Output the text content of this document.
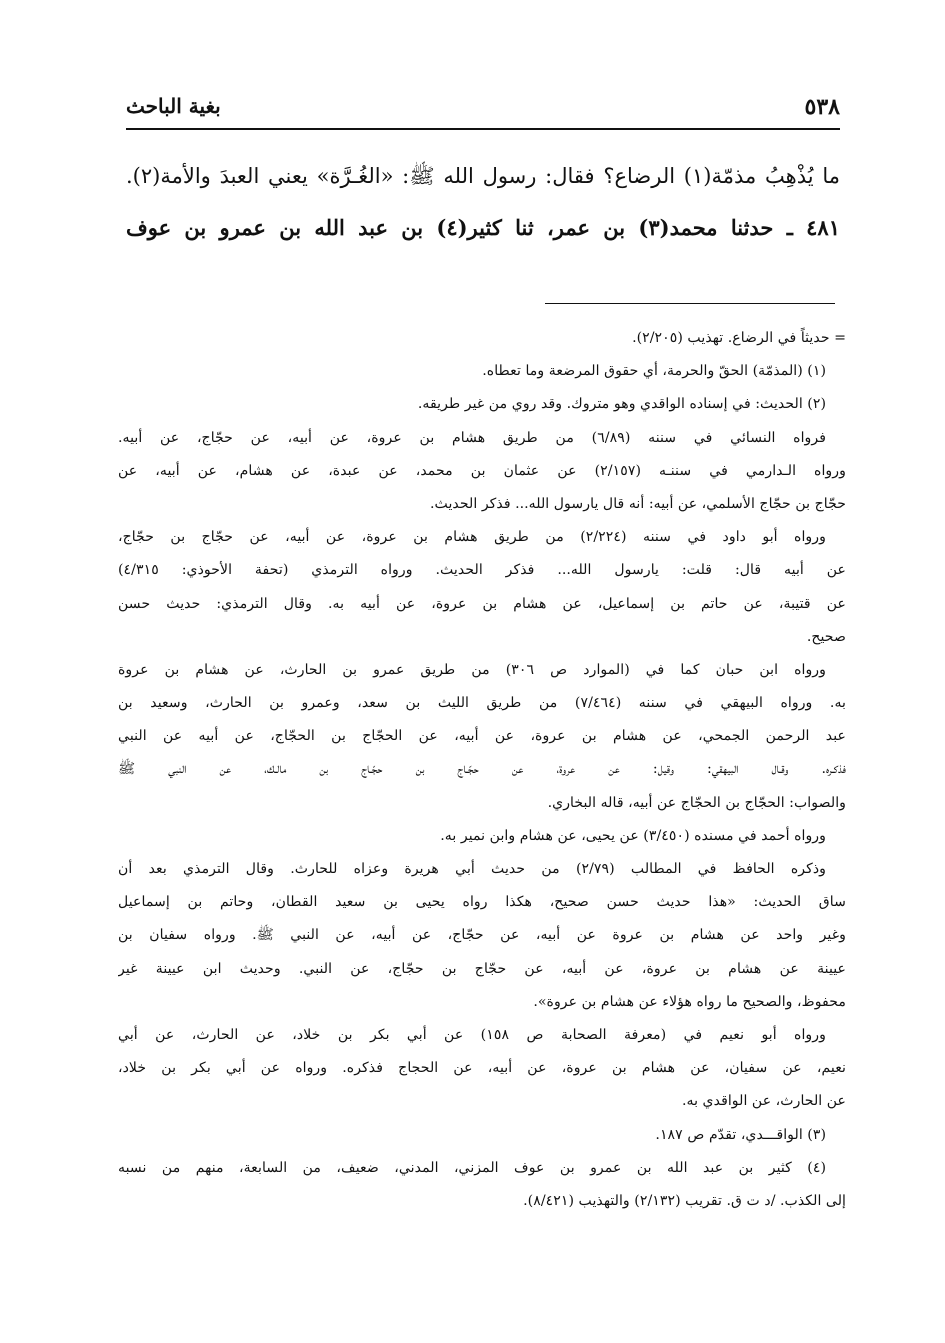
٥٣٨
بغية الباحث
ما يُذْهِبُ مذمّة(١) الرضاع؟ فقال: رسول الله ﷺ: «الغُـرَّة» يعني العبدَ والأمة(٢).
٤٨١ ـ حدثنا محمد(٣) بن عمر، ثنا كثير(٤) بن عبد الله بن عمرو بن عوف
= حديثاً في الرضاع. تهذيب (٢/٢٠٥).
(١) (المذمّة) الحقّ والحرمة، أي حقوق المرضعة وما تعطاه.
(٢) الحديث: في إسناده الواقدي وهو متروك. وقد روي من غير طريقه.
فرواه النسائي في سننه (٦/٨٩) من طريق هشام بن عروة، عن أبيه، عن حجّاج، عن أبيه.
ورواه الـدارمي في سننـه (٢/١٥٧) عن عثمان بن محمد، عن عبدة، عن هشام، عن أبيه، عن
حجّاج بن حجّاج الأسلمي، عن أبيه: أنه قال يارسول الله... فذكر الحديث.
ورواه أبو داود في سننه (٢/٢٢٤) من طريق هشام بن عروة، عن أبيه، عن حجّاج بن حجّاج،
عن أبيه قال: قلت: يارسول الله... فذكر الحديث. ورواه الترمذي (تحفة الأحوذي: ٤/٣١٥)
عن قتيبة، عن حاتم بن إسماعيل، عن هشام بن عروة، عن أبيه به. وقال الترمذي: حديث حسن
صحيح.
ورواه ابن حبان كما في (الموارد ص ٣٠٦) من طريق عمرو بن الحارث، عن هشام بن عروة
به. ورواه البيهقي في سننه (٧/٤٦٤) من طريق الليث بن سعد، وعمرو بن الحارث، وسعيد بن
عبد الرحمن الجمحي، عن هشام بن عروة، عن أبيه، عن الحجّاج بن الحجّاج، عن أبيه عن النبي
فذكـره. وقـال البيهقي: وقيل: عن عروة، عن حجّـاج بن حجّـاج بن مالـك، عن النبي ﷺ
والصواب: الحجّاج بن الحجّاج عن أبيه، قاله البخاري.
ورواه أحمد في مسنده (٣/٤٥٠) عن يحيى، عن هشام وابن نمير به.
وذكره الحافظ في المطالب (٢/٧٩) من حديث أبي هريرة وعزاه للحارث. وقال الترمذي بعد أن
ساق الحديث: «هذا حديث حسن صحيح، هكذا رواه يحيى بن سعيد القطان، وحاتم بن إسماعيل
وغير واحد عن هشام بن عروة عن أبيه، عن حجّاج، عن أبيه، عن النبي ﷺ. ورواه سفيان بن
عيينة عن هشام بن عروة، عن أبيه، عن حجّاج بن حجّاج، عن النبي. وحديث ابن عيينة غير
محفوظ، والصحيح ما رواه هؤلاء عن هشام بن عروة».
ورواه أبو نعيم في (معرفة الصحابة ص ١٥٨) عن أبي بكر بن خلاد، عن الحارث، عن أبي
نعيم، عن سفيان، عن هشام بن عروة، عن أبيه، عن الحجاج فذكره. ورواه عن أبي بكر بن خلاد،
عن الحارث، عن الواقدي به.
(٣) الواقـــدي، تقدّم ص ١٨٧.
(٤) كثير بن عبد الله بن عمرو بن عوف المزني، المدني، ضعيف، من السابعة، منهم من نسبه
إلى الكذب. /د ت ق. تقريب (٢/١٣٢) والتهذيب (٨/٤٢١).
